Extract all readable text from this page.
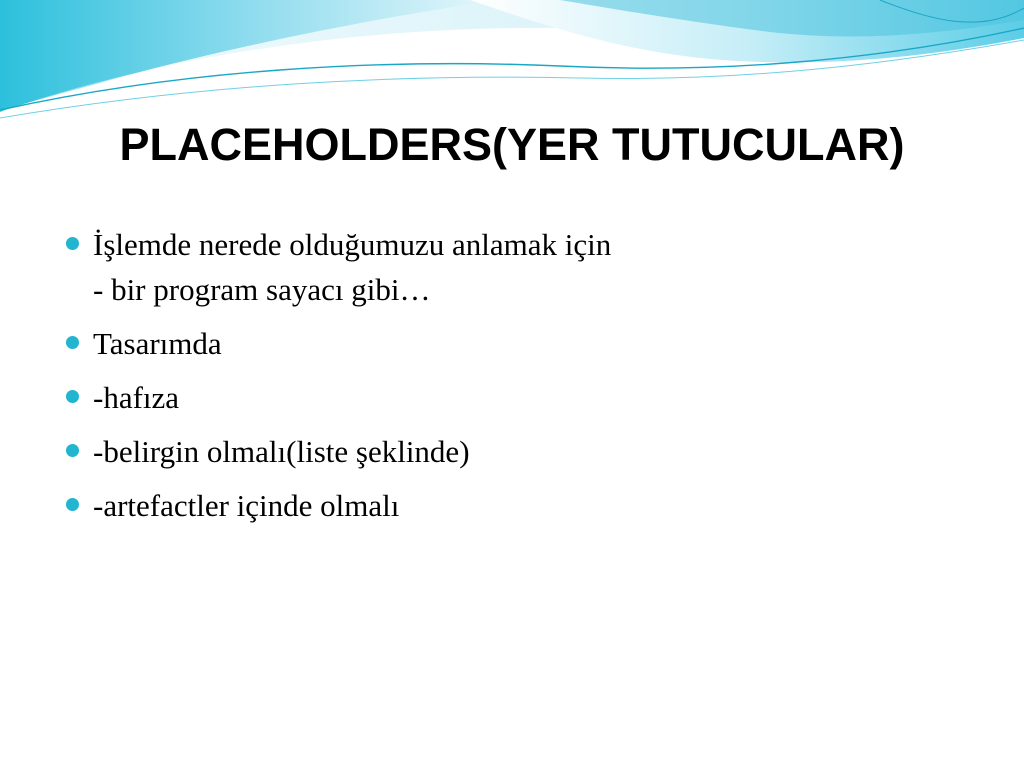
PLACEHOLDERS(YER TUTUCULAR)
İşlemde nerede olduğumuzu anlamak için
- bir program sayacı gibi…
Tasarımda
-hafıza
-belirgin olmalı(liste şeklinde)
-artefactler içinde olmalı
